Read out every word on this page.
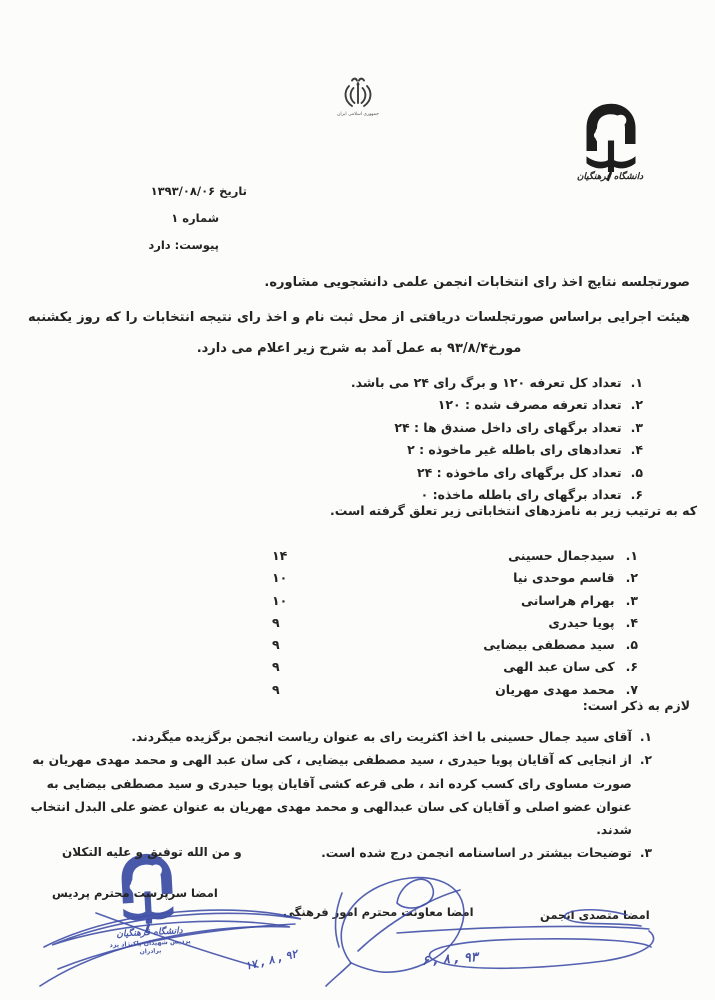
جمهوری اسلامی ایران
دانشگاه فرهنگیان
تاریخ ۱۳۹۳/۰۸/۰۶
شماره ۱
پیوست: دارد
صورتجلسه نتایج اخذ رای انتخابات انجمن علمی دانشجویی مشاوره.
هیئت اجرایی براساس صورتجلسات دریافتی از محل ثبت نام و اخذ رای نتیجه انتخابات را که روز یکشنبه مورخ۹۳/۸/۴ به عمل آمد به شرح زیر اعلام می دارد.
۱.
تعداد کل تعرفه ۱۲۰ و برگ رای ۲۴ می باشد.
۲.
تعداد تعرفه مصرف شده : ۱۲۰
۳.
تعداد برگهای رای داخل صندق ها : ۲۴
۴.
تعدادهای رای باطله غیر ماخوذه : ۲
۵.
تعداد کل برگهای رای ماخوذه : ۲۴
۶.
تعداد برگهای رای باطله ماخذه: ۰
که به ترتیب زیر به نامزدهای انتخاباتی زیر تعلق گرفته است.
۱.
سیدجمال حسینی
۱۴
۲.
قاسم موحدی نیا
۱۰
۳.
بهرام هراسانی
۱۰
۴.
پویا حیدری
۹
۵.
سید مصطفی بیضایی
۹
۶.
کی سان عبد الهی
۹
۷.
محمد مهدی مهریان
۹
لازم به ذکر است:
۱.
آقای سید جمال حسینی با اخذ اکثریت رای به عنوان ریاست انجمن برگزیده میگردند.
۲.
از انجایی که آقایان پویا حیدری ، سید مصطفی بیضایی ، کی سان عبد الهی و محمد مهدی مهریان به صورت مساوی رای کسب کرده اند ، طی قرعه کشی آقایان پویا حیدری و سید مصطفی بیضایی به عنوان عضو اصلی و آقایان کی سان عبدالهی و محمد مهدی مهریان به عنوان عضو علی البدل انتخاب شدند.
۳.
توضیحات بیشتر در اساسنامه انجمن درج شده است.
و من الله توفیق و علیه التکلان
دانشگاه فرهنگیان
پردیس شهیدان پاکنژاد یزد
برادران
امضا سرپرست محترم پردیس
امضا معاونت محترم امور فرهنگی	امضا متصدی انجمن
۹۲ , ۸ , ۱۷	۹۳ , ۸ , ۶
